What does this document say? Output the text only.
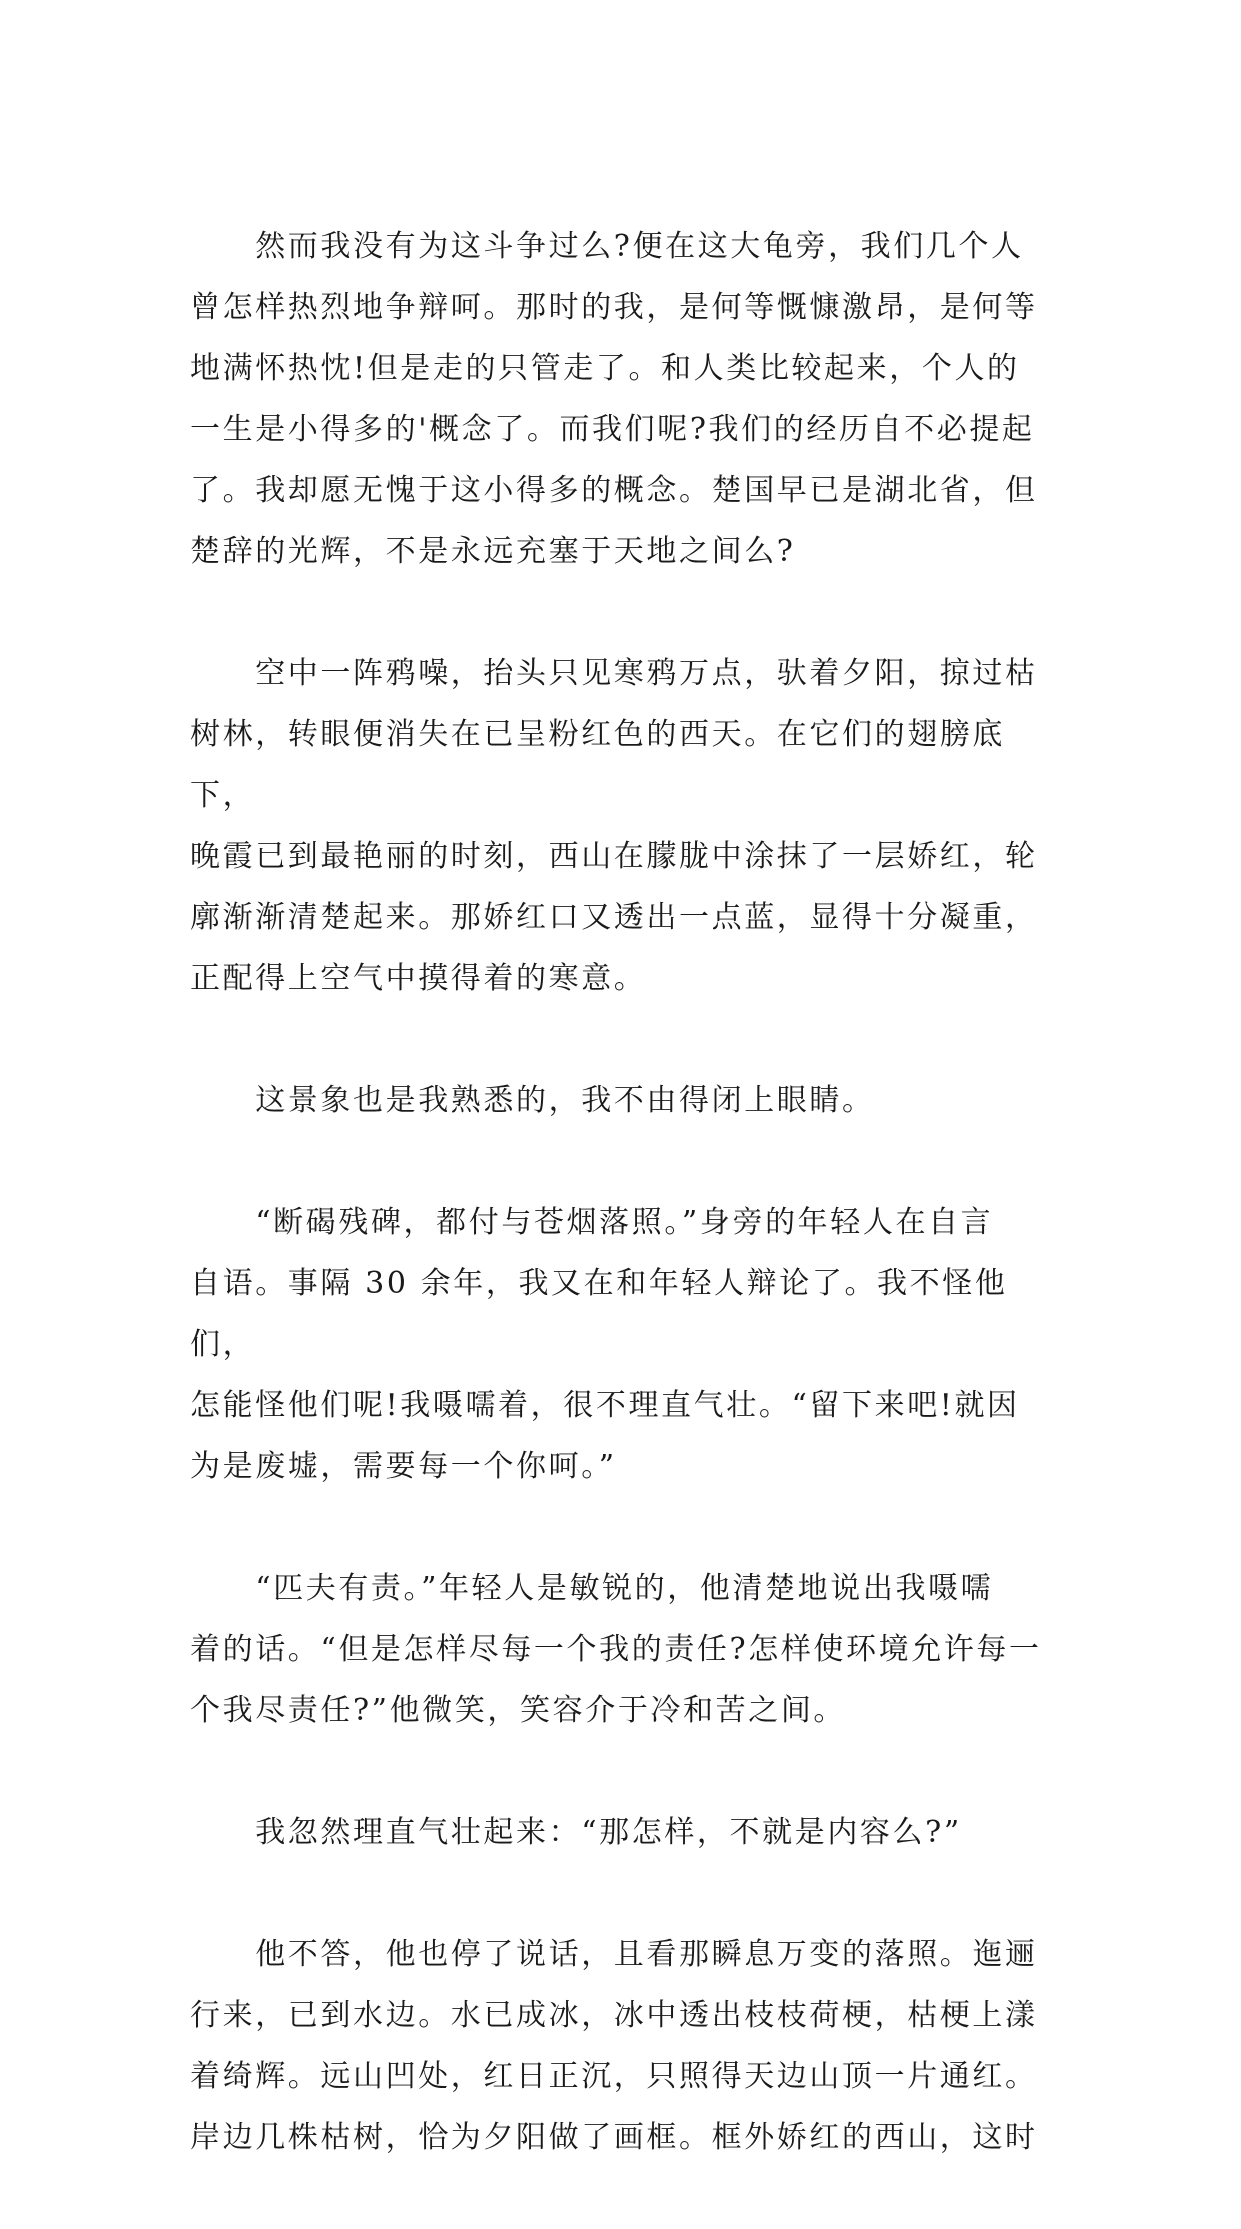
　　然而我没有为这斗争过么?便在这大龟旁，我们几个人
曾怎样热烈地争辩呵。那时的我，是何等慨慷激昂，是何等
地满怀热忱!但是走的只管走了。和人类比较起来，个人的
一生是小得多的'概念了。而我们呢?我们的经历自不必提起
了。我却愿无愧于这小得多的概念。楚国早已是湖北省，但
楚辞的光辉，不是永远充塞于天地之间么?

　　空中一阵鸦噪，抬头只见寒鸦万点，驮着夕阳，掠过枯
树林，转眼便消失在已呈粉红色的西天。在它们的翅膀底下，
晚霞已到最艳丽的时刻，西山在朦胧中涂抹了一层娇红，轮
廓渐渐清楚起来。那娇红口又透出一点蓝，显得十分凝重，
正配得上空气中摸得着的寒意。

　　这景象也是我熟悉的，我不由得闭上眼睛。

　　“断碣残碑，都付与苍烟落照。”身旁的年轻人在自言
自语。事隔 30 余年，我又在和年轻人辩论了。我不怪他们，
怎能怪他们呢!我嗫嚅着，很不理直气壮。“留下来吧!就因
为是废墟，需要每一个你呵。”

　　“匹夫有责。”年轻人是敏锐的，他清楚地说出我嗫嚅
着的话。“但是怎样尽每一个我的责任?怎样使环境允许每一
个我尽责任?”他微笑，笑容介于冷和苦之间。

　　我忽然理直气壮起来：“那怎样，不就是内容么?”

　　他不答，他也停了说话，且看那瞬息万变的落照。迤逦
行来，已到水边。水已成冰，冰中透出枝枝荷梗，枯梗上漾
着绮辉。远山凹处，红日正沉，只照得天边山顶一片通红。
岸边几株枯树，恰为夕阳做了画框。框外娇红的西山，这时
